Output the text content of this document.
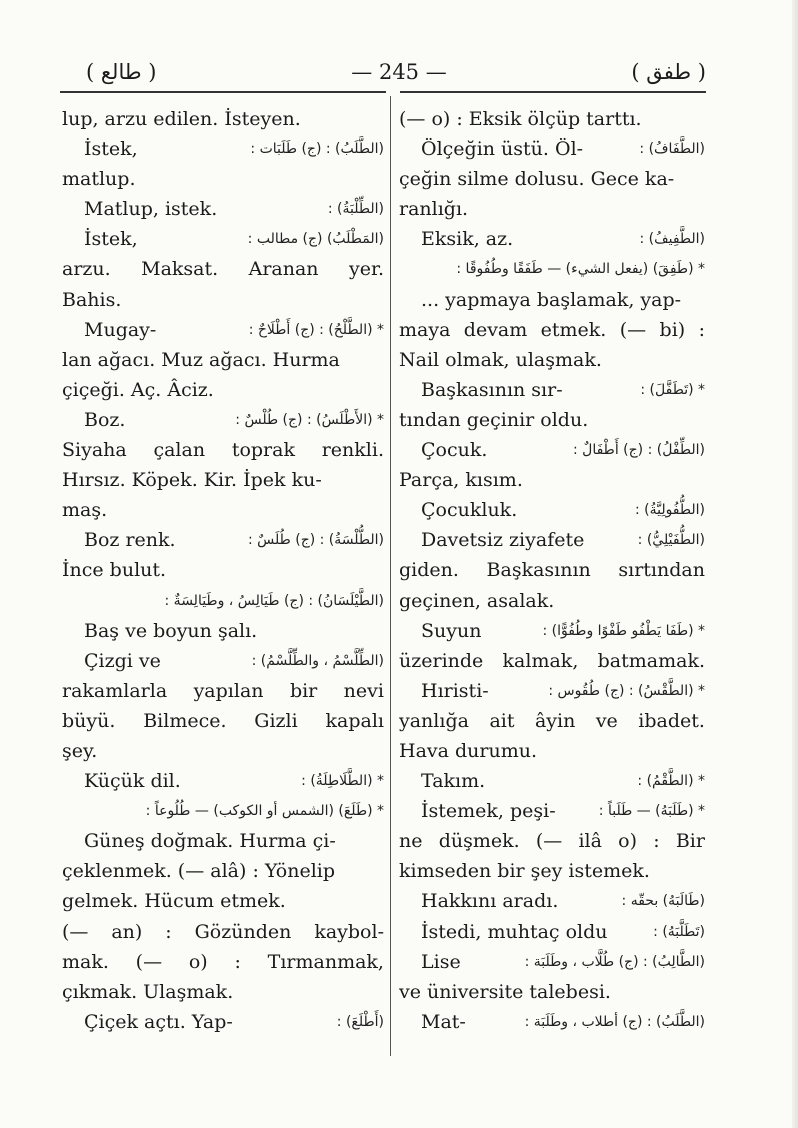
( طالع )	— 245 —	( طفق )
lup, arzu edilen. İsteyen.
İstek,	(الطَّلَبُ) : (ج) طَلَبَات :
matlup.
Matlup, istek.	(الطِّلْبَةُ) :
İstek,	(المَطْلَبُ) (ج) مطالب :
arzu. Maksat. Aranan yer.
Bahis.
Mugay-	* (الطَّلْحُ) : (ج) أَطْلَاحٌ :
lan ağacı. Muz ağacı. Hurma
çiçeği. Aç. Âciz.
Boz.	* (الأَطْلَسُ) : (ج) طُلْسٌ :
Siyaha çalan toprak renkli.
Hırsız. Köpek. Kir. İpek ku-
maş.
Boz renk.	(الطُّلْسَةُ) : (ج) طُلَسٌ :
İnce bulut.
(الطَّيْلَسَانُ) : (ج) طَيَالِسُ ، وطَيَالِسَةٌ :
Baş ve boyun şalı.
Çizgi ve	(الطِّلَّسْمُ ، والطِّلَّسْمُ) :
rakamlarla yapılan bir nevi
büyü. Bilmece. Gizli kapalı
şey.
Küçük dil.	* (الطَّلَاطِلَةُ) :
* (طَلَعَ) (الشمس أو الكوكب) — طُلُوعاً :
Güneş doğmak. Hurma çi-
çeklenmek. (— alâ) : Yönelip
gelmek. Hücum etmek.
(— an) : Gözünden kaybol-
mak. (— o) : Tırmanmak,
çıkmak. Ulaşmak.
Çiçek açtı. Yap-	(أَطْلَعَ) :
(— o) : Eksik ölçüp tarttı.
Ölçeğin üstü. Öl-	(الطَّفَافُ) :
çeğin silme dolusu. Gece ka-
ranlığı.
Eksik, az.	(الطَّفِيفُ) :
* (طَفِقَ) (يفعل الشيء) — طَفَقًا وطُفُوقًا :
... yapmaya başlamak, yap-
maya devam etmek. (— bi) :
Nail olmak, ulaşmak.
Başkasının sır-	* (تَطَفَّلَ) :
tından geçinir oldu.
Çocuk.	(الطِّفْلُ) : (ج) أَطْفَالٌ :
Parça, kısım.
Çocukluk.	(الطُّفُولِيَّةُ) :
Davetsiz ziyafete	(الطُّفَيْلِيُّ) :
giden. Başkasının sırtından
geçinen, asalak.
Suyun	* (طَفَا يَطْفُو طَفْوًا وطُفُوًّا) :
üzerinde kalmak, batmamak.
Hıristi-	* (الطَّقْسُ) : (ج) طُقُوس :
yanlığa ait âyin ve ibadet.
Hava durumu.
Takım.	* (الطَّقْمُ) :
İstemek, peşi-	* (طَلَبَهُ) — طَلَباً :
ne düşmek. (— ilâ o) : Bir
kimseden bir şey istemek.
Hakkını aradı.	(طَالَبَهُ) بحقّه :
İstedi, muhtaç oldu	(تَطَلَّبَهُ) :
Lise	(الطَّالِبُ) : (ج) طُلَّاب ، وطَلَبَة :
ve üniversite talebesi.
Mat-	(الطَّلَبُ) : (ج) أطلاب ، وطَلَبَة :
